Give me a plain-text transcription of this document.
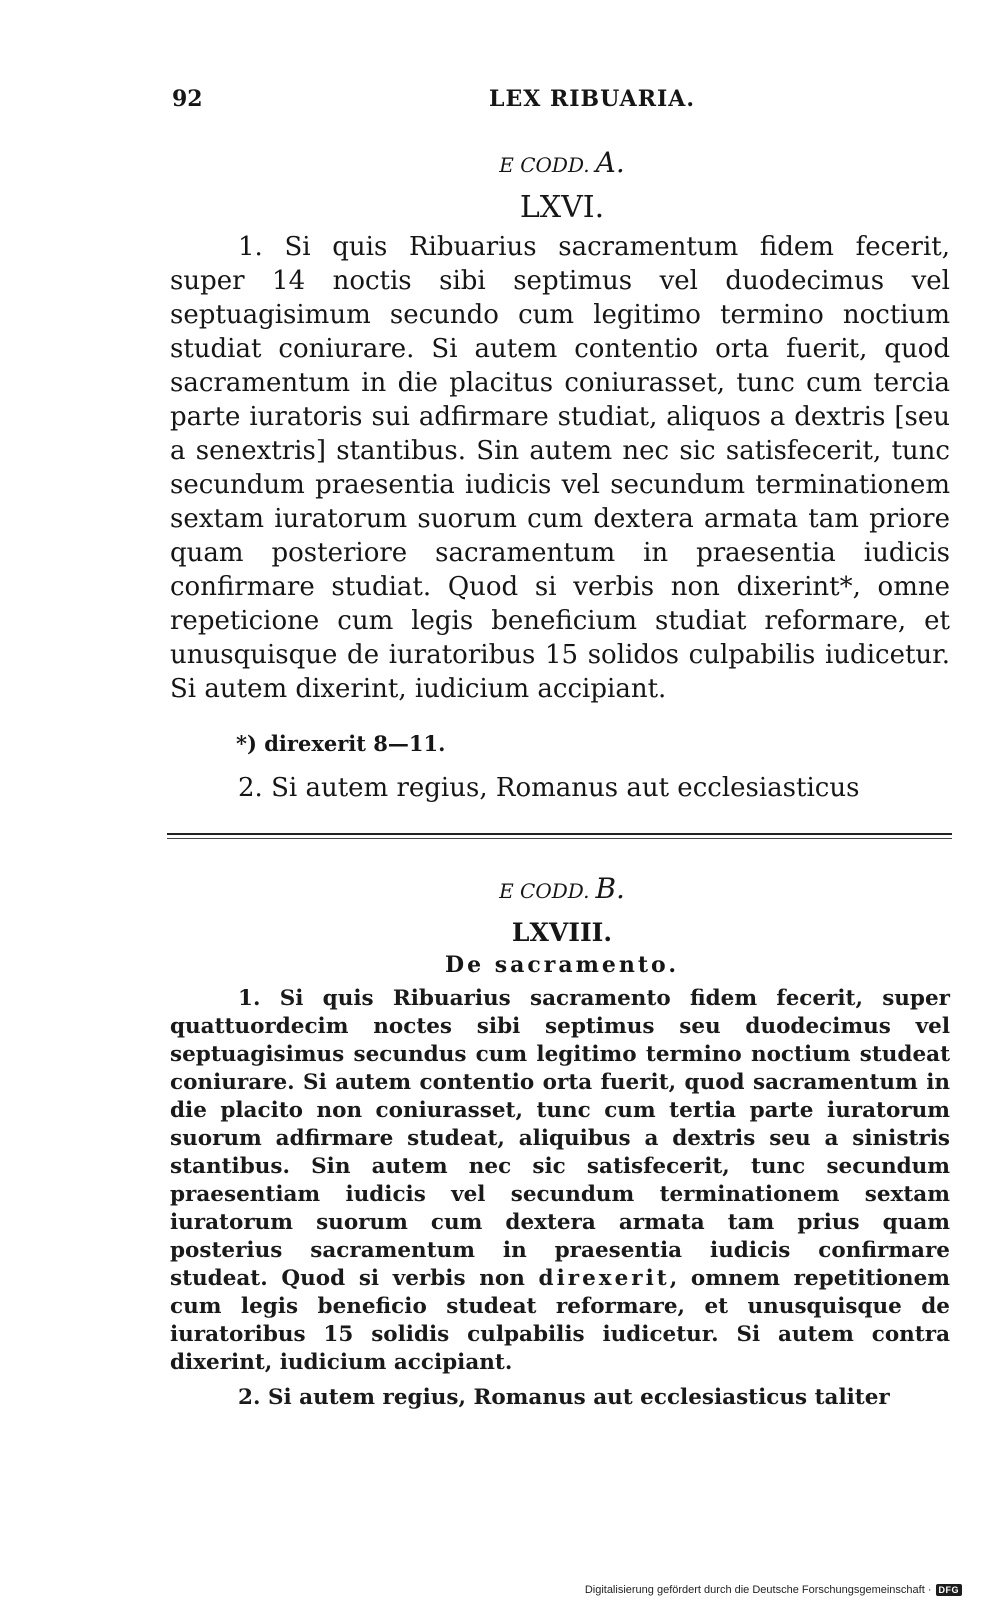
92	LEX RIBUARIA.
E CODD. A.
LXVI.

1. Si quis Ribuarius sacramentum fidem fecerit, super 14 noctis sibi septimus vel duodecimus vel septuagisimum secundo cum legitimo termino noctium studiat coniurare. Si autem contentio orta fuerit, quod sacramentum in die placitus coniurasset, tunc cum tercia parte iuratoris sui adfirmare studiat, aliquos a dextris [seu a senextris] stantibus. Sin autem nec sic satisfecerit, tunc secundum praesentia iudicis vel secundum terminationem sextam iuratorum suorum cum dextera armata tam priore quam posteriore sacramentum in praesentia iudicis confirmare studiat. Quod si verbis non dixerint*, omne repeticione cum legis beneficium studiat reformare, et unusquisque de iuratoribus 15 solidos culpabilis iudicetur. Si autem dixerint, iudicium accipiant.

*) direxerit 8—11.

2. Si autem regius, Romanus aut ecclesiasticus

E CODD. B.
LXVIII.
De sacramento.

1. Si quis Ribuarius sacramento fidem fecerit, super quattuordecim noctes sibi septimus seu duodecimus vel septuagisimus secundus cum legitimo termino noctium studeat coniurare. Si autem contentio orta fuerit, quod sacramentum in die placito non coniurasset, tunc cum tertia parte iuratorum suorum adfirmare studeat, aliquibus a dextris seu a sinistris stantibus. Sin autem nec sic satisfecerit, tunc secundum praesentiam iudicis vel secundum terminationem sextam iuratorum suorum cum dextera armata tam prius quam posterius sacramentum in praesentia iudicis confirmare studeat. Quod si verbis non direxerit, omnem repetitionem cum legis beneficio studeat reformare, et unusquisque de iuratoribus 15 solidis culpabilis iudicetur. Si autem contra dixerint, iudicium accipiant.

2. Si autem regius, Romanus aut ecclesiasticus taliter

Digitalisierung gefördert durch die Deutsche Forschungsgemeinschaft · DFG
